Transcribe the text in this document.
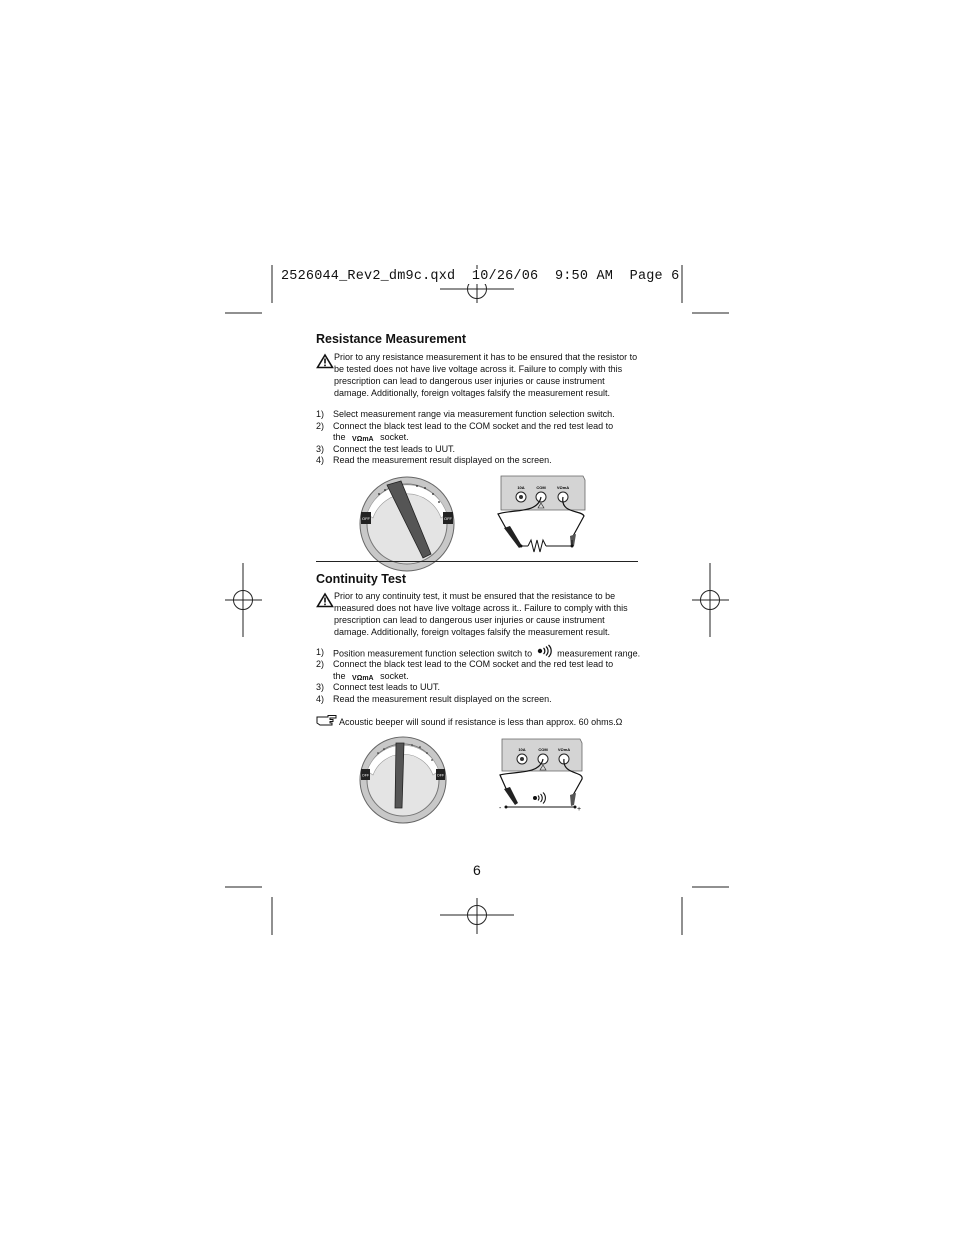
2526044_Rev2_dm9c.qxd  10/26/06  9:50 AM  Page 6
Resistance Measurement
Prior to any resistance measurement it has to be ensured that the resistor to be tested does not have live voltage across it. Failure to comply with this prescription can lead to dangerous user injuries or cause instrument damage. Additionally, foreign voltages falsify the measurement result.
1) Select measurement range via measurement function selection switch.
2) Connect the black test lead to the COM socket and the red test lead to
the VΩmA socket.
3) Connect the test leads to UUT.
4) Read the measurement result displayed on the screen.
OFF	OFF
10A	COM	VΩmA
Continuity Test
Prior to any continuity test, it must be ensured that the resistance to be measured does not have live voltage across it.. Failure to comply with this prescription can lead to dangerous user injuries or cause instrument damage. Additionally, foreign voltages falsify the measurement result.
1) Position measurement function selection switch to	measurement range.
2) Connect the black test lead to the COM socket and the red test lead to
the VΩmA socket.
3) Connect test leads to UUT.
4) Read the measurement result displayed on the screen.
Acoustic beeper will sound if resistance is less than approx. 60 ohms.Ω
OFF	OFF
10A	COM	VΩmA
-	+
6
